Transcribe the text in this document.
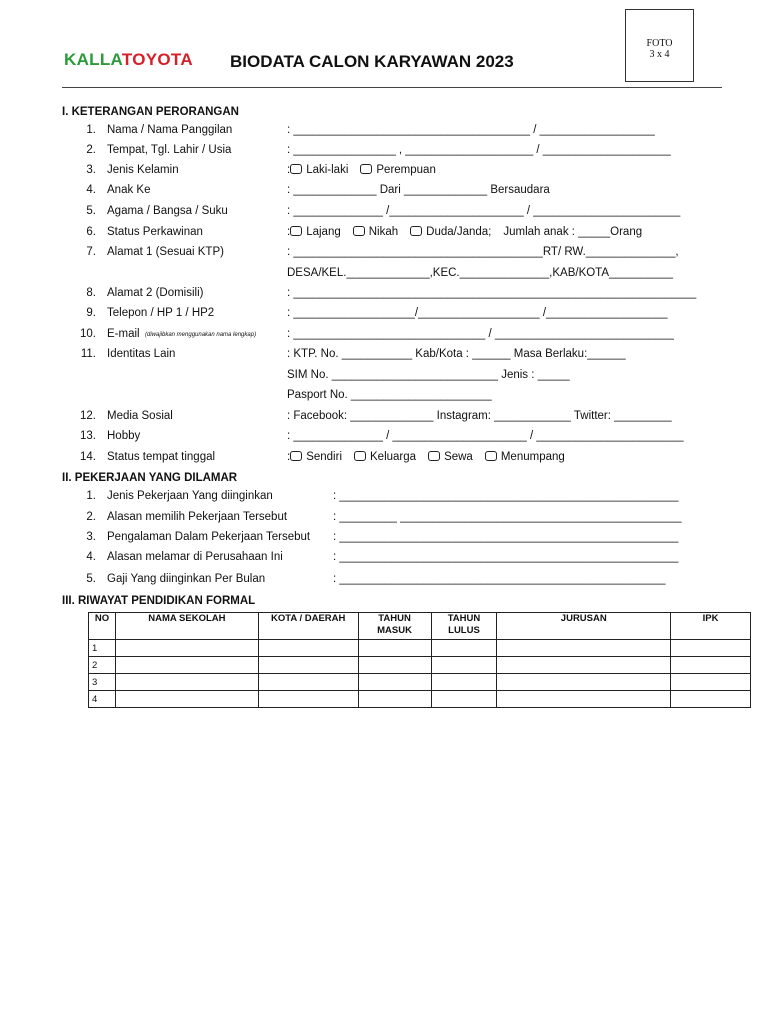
KALLATOYOTA BIODATA CALON KARYAWAN 2023
FOTO
3 x 4
I. KETERANGAN PERORANGAN
1. Nama / Nama Panggilan	: _____________________________________ / __________________
2. Tempat, Tgl. Lahir / Usia	: ________________ , ____________________ / ____________________
3. Jenis Kelamin	: Laki-laki Perempuan
4. Anak Ke	: _____________ Dari _____________ Bersaudara
5. Agama / Bangsa / Suku	: ______________ /_____________________ / _______________________
6. Status Perkawinan	: Lajang Nikah Duda/Janda; Jumlah anak : _____Orang
7. Alamat 1 (Sesuai KTP)	: _______________________________________RT/ RW.______________,
DESA/KEL._____________,KEC.______________,KAB/KOTA__________
8. Alamat 2 (Domisili)	: _______________________________________________________________
9. Telepon / HP 1 / HP2	: ___________________/___________________ /___________________
10. E-mail (diwajibkan menggunakan nama lengkap)	: ______________________________ / ____________________________
11. Identitas Lain	: KTP. No. ___________ Kab/Kota : ______ Masa Berlaku:______
SIM No. __________________________ Jenis : _____
Pasport No. ______________________
12. Media Sosial	: Facebook: _____________ Instagram: ____________ Twitter: _________
13. Hobby	: ______________ / _____________________ / _______________________
14. Status tempat tinggal	: Sendiri Keluarga Sewa Menumpang
II. PEKERJAAN YANG DILAMAR
1. Jenis Pekerjaan Yang diinginkan	: _____________________________________________________
2. Alasan memilih Pekerjaan Tersebut	: _________ ____________________________________________
3. Pengalaman Dalam Pekerjaan Tersebut : _____________________________________________________
4. Alasan melamar di Perusahaan Ini	: _____________________________________________________
5. Gaji Yang diinginkan Per Bulan	: ___________________________________________________
III. RIWAYAT PENDIDIKAN FORMAL
NO	NAMA SEKOLAH	KOTA / DAERAH	TAHUN MASUK	TAHUN LULUS	JURUSAN	IPK
1						
2						
3						
4						
